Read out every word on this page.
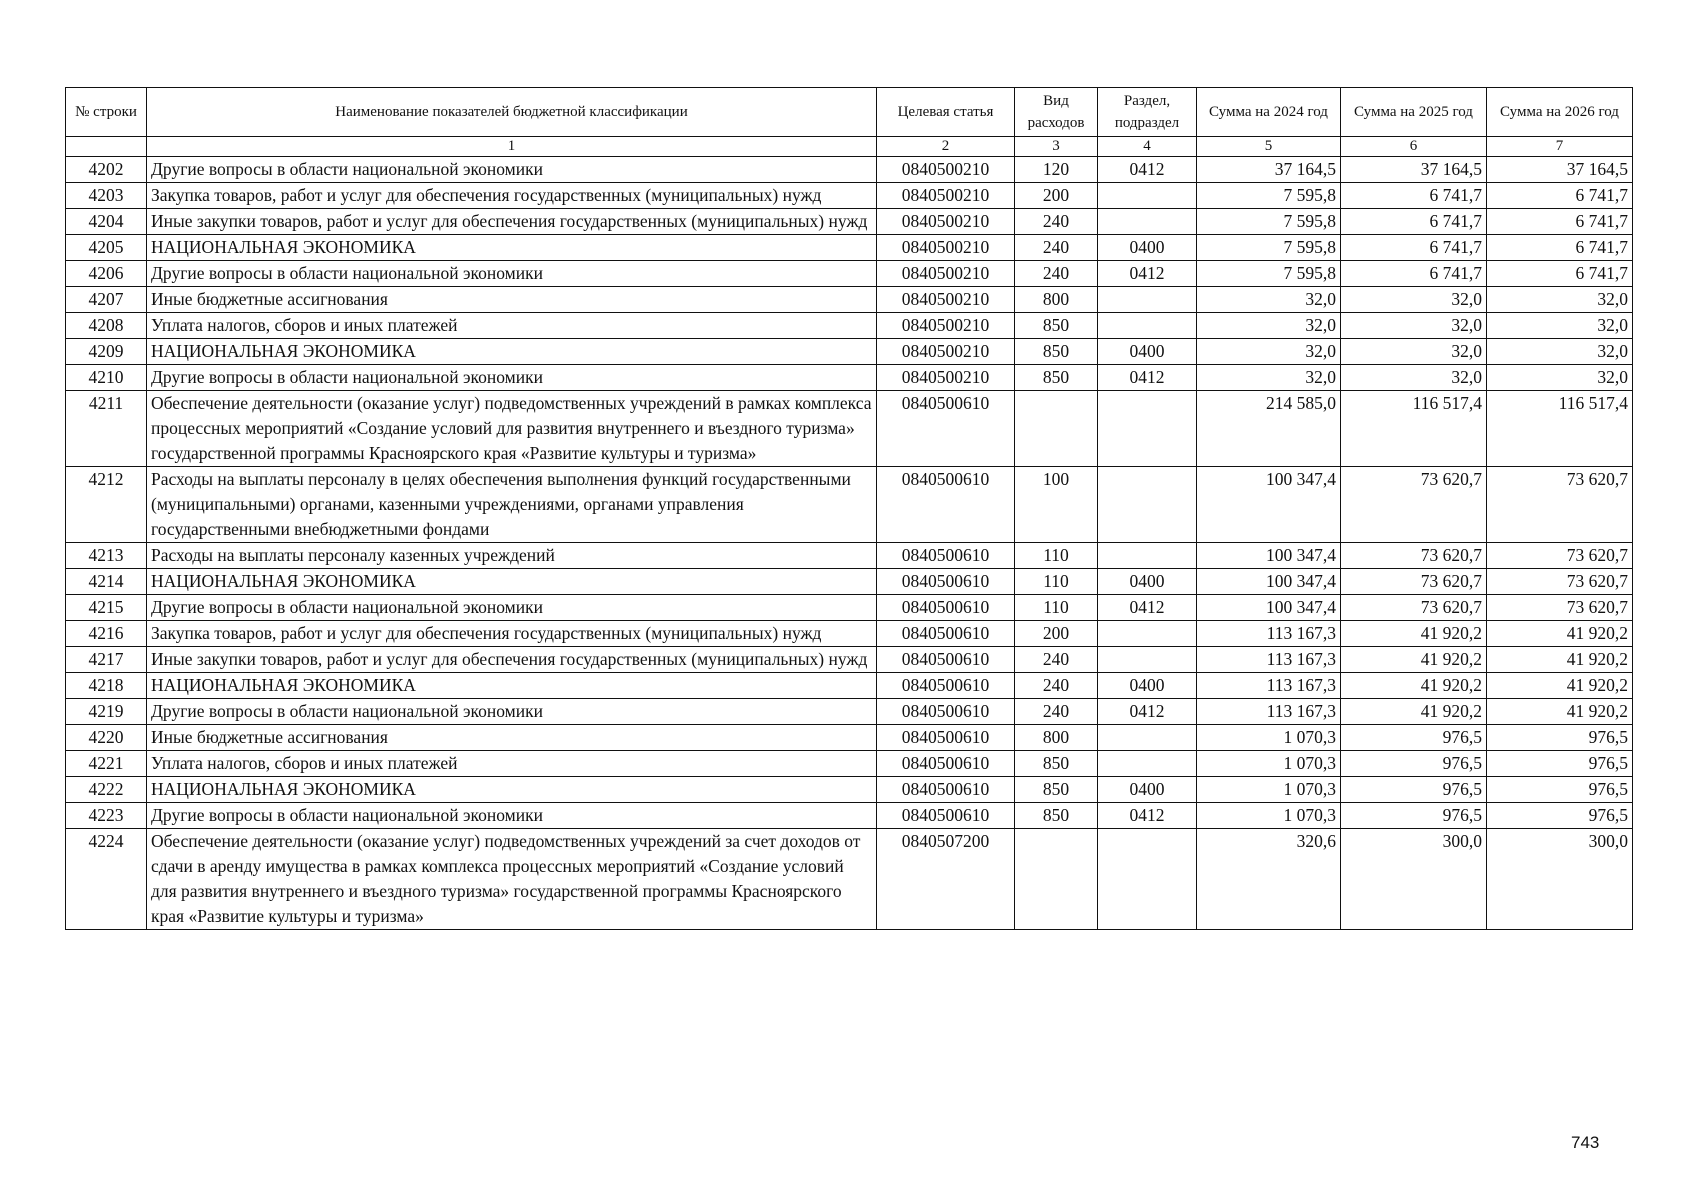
№ строки	Наименование показателей бюджетной классификации	Целевая статья	Вид расходов	Раздел, подраздел	Сумма на 2024 год	Сумма на 2025 год	Сумма на 2026 год
	1	2	3	4	5	6	7
4202	Другие вопросы в области национальной экономики	0840500210	120	0412	37 164,5	37 164,5	37 164,5
4203	Закупка товаров, работ и услуг для обеспечения государственных (муниципальных) нужд	0840500210	200		7 595,8	6 741,7	6 741,7
4204	Иные закупки товаров, работ и услуг для обеспечения государственных (муниципальных) нужд	0840500210	240		7 595,8	6 741,7	6 741,7
4205	НАЦИОНАЛЬНАЯ ЭКОНОМИКА	0840500210	240	0400	7 595,8	6 741,7	6 741,7
4206	Другие вопросы в области национальной экономики	0840500210	240	0412	7 595,8	6 741,7	6 741,7
4207	Иные бюджетные ассигнования	0840500210	800		32,0	32,0	32,0
4208	Уплата налогов, сборов и иных платежей	0840500210	850		32,0	32,0	32,0
4209	НАЦИОНАЛЬНАЯ ЭКОНОМИКА	0840500210	850	0400	32,0	32,0	32,0
4210	Другие вопросы в области национальной экономики	0840500210	850	0412	32,0	32,0	32,0
4211	Обеспечение деятельности (оказание услуг) подведомственных учреждений в рамках комплекса процессных мероприятий «Создание условий для развития внутреннего и въездного туризма» государственной программы Красноярского края «Развитие культуры и туризма»	0840500610			214 585,0	116 517,4	116 517,4
4212	Расходы на выплаты персоналу в целях обеспечения выполнения функций государственными (муниципальными) органами, казенными учреждениями, органами управления государственными внебюджетными фондами	0840500610	100		100 347,4	73 620,7	73 620,7
4213	Расходы на выплаты персоналу казенных учреждений	0840500610	110		100 347,4	73 620,7	73 620,7
4214	НАЦИОНАЛЬНАЯ ЭКОНОМИКА	0840500610	110	0400	100 347,4	73 620,7	73 620,7
4215	Другие вопросы в области национальной экономики	0840500610	110	0412	100 347,4	73 620,7	73 620,7
4216	Закупка товаров, работ и услуг для обеспечения государственных (муниципальных) нужд	0840500610	200		113 167,3	41 920,2	41 920,2
4217	Иные закупки товаров, работ и услуг для обеспечения государственных (муниципальных) нужд	0840500610	240		113 167,3	41 920,2	41 920,2
4218	НАЦИОНАЛЬНАЯ ЭКОНОМИКА	0840500610	240	0400	113 167,3	41 920,2	41 920,2
4219	Другие вопросы в области национальной экономики	0840500610	240	0412	113 167,3	41 920,2	41 920,2
4220	Иные бюджетные ассигнования	0840500610	800		1 070,3	976,5	976,5
4221	Уплата налогов, сборов и иных платежей	0840500610	850		1 070,3	976,5	976,5
4222	НАЦИОНАЛЬНАЯ ЭКОНОМИКА	0840500610	850	0400	1 070,3	976,5	976,5
4223	Другие вопросы в области национальной экономики	0840500610	850	0412	1 070,3	976,5	976,5
4224	Обеспечение деятельности (оказание услуг) подведомственных учреждений за счет доходов от сдачи в аренду имущества в рамках комплекса процессных мероприятий «Создание условий для развития внутреннего и въездного туризма» государственной программы Красноярского края «Развитие культуры и туризма»	0840507200			320,6	300,0	300,0
743
